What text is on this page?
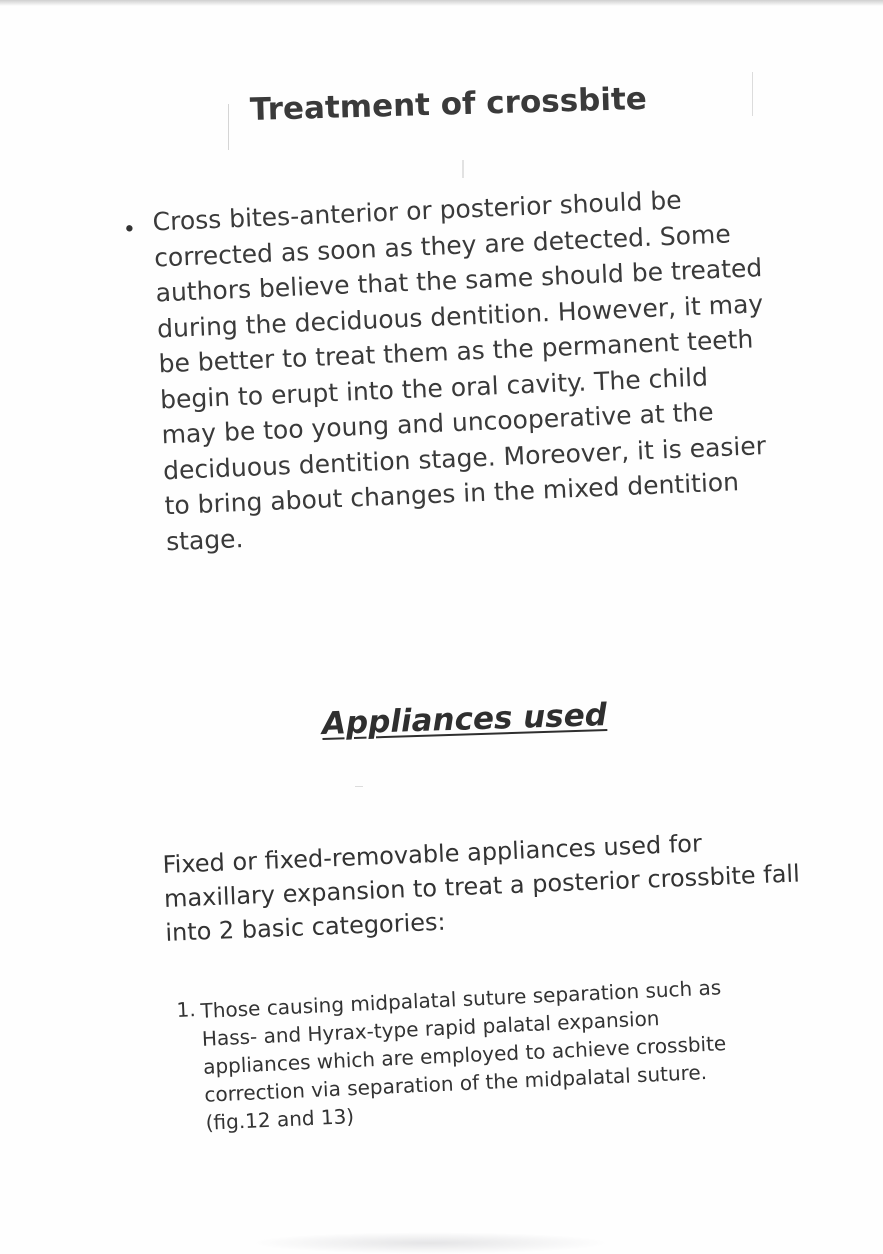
Treatment of crossbite
• Cross bites-anterior or posterior should be corrected as soon as they are detected. Some authors believe that the same should be treated during the deciduous dentition. However, it may be better to treat them as the permanent teeth begin to erupt into the oral cavity. The child may be too young and uncooperative at the deciduous dentition stage. Moreover, it is easier to bring about changes in the mixed dentition stage.

Appliances used

Fixed or fixed-removable appliances used for maxillary expansion to treat a posterior crossbite fall into 2 basic categories:

1. Those causing midpalatal suture separation such as Hass- and Hyrax-type rapid palatal expansion appliances which are employed to achieve crossbite correction via separation of the midpalatal suture. (fig.12 and 13)
